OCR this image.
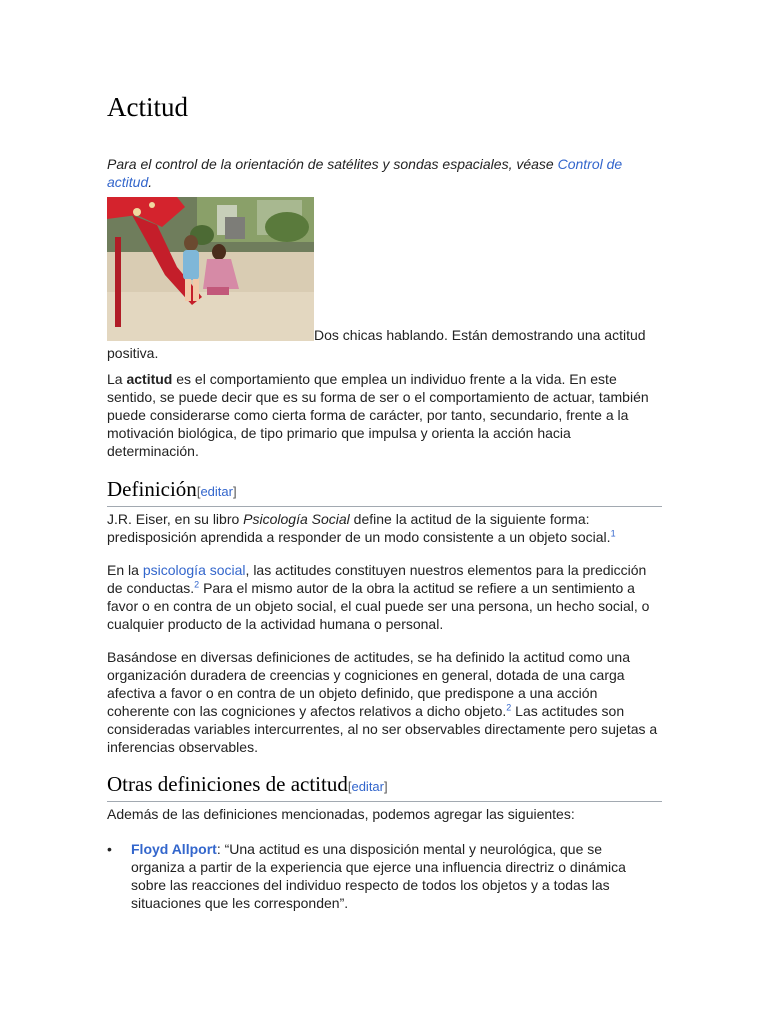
Actitud

Para el control de la orientación de satélites y sondas espaciales, véase Control de actitud.

Dos chicas hablando. Están demostrando una actitud positiva.

La actitud es el comportamiento que emplea un individuo frente a la vida. En este sentido, se puede decir que es su forma de ser o el comportamiento de actuar, también puede considerarse como cierta forma de carácter, por tanto, secundario, frente a la motivación biológica, de tipo primario que impulsa y orienta la acción hacia determinación.

Definición[editar]

J.R. Eiser, en su libro Psicología Social define la actitud de la siguiente forma: predisposición aprendida a responder de un modo consistente a un objeto social.$^1$

En la psicología social, las actitudes constituyen nuestros elementos para la predicción de conductas.$^2$ Para el mismo autor de la obra la actitud se refiere a un sentimiento a favor o en contra de un objeto social, el cual puede ser una persona, un hecho social, o cualquier producto de la actividad humana o personal.

Basándose en diversas definiciones de actitudes, se ha definido la actitud como una organización duradera de creencias y cogniciones en general, dotada de una carga afectiva a favor o en contra de un objeto definido, que predispone a una acción coherente con las cogniciones y afectos relativos a dicho objeto.$^2$ Las actitudes son consideradas variables intercurrentes, al no ser observables directamente pero sujetas a inferencias observables.

Otras definiciones de actitud[editar]

Además de las definiciones mencionadas, podemos agregar las siguientes:

• Floyd Allport: “Una actitud es una disposición mental y neurológica, que se organiza a partir de la experiencia que ejerce una influencia directriz o dinámica sobre las reacciones del individuo respecto de todos los objetos y a todas las situaciones que les corresponden”.
